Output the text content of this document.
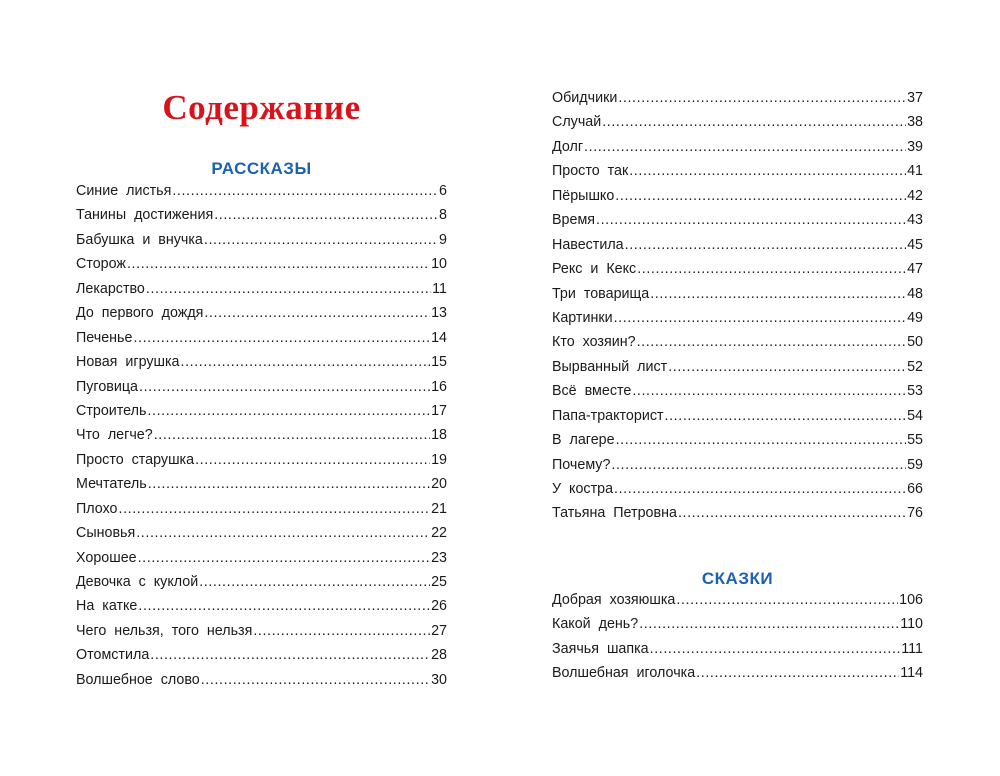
Содержание
РАССКАЗЫ
Синие листья .....	6
Танины достижения .....	8
Бабушка и внучка .....	9
Сторож .....	10
Лекарство .....	11
До первого дождя .....	13
Печенье .....	14
Новая игрушка .....	15
Пуговица .....	16
Строитель .....	17
Что легче? .....	18
Просто старушка .....	19
Мечтатель .....	20
Плохо .....	21
Сыновья .....	22
Хорошее .....	23
Девочка с куклой .....	25
На катке .....	26
Чего нельзя, того нельзя .....	27
Отомстила .....	28
Волшебное слово .....	30
Обидчики .....	37
Случай .....	38
Долг .....	39
Просто так .....	41
Пёрышко .....	42
Время .....	43
Навестила .....	45
Рекс и Кекс .....	47
Три товарища .....	48
Картинки .....	49
Кто хозяин? .....	50
Вырванный лист .....	52
Всё вместе .....	53
Папа-тракторист .....	54
В лагере .....	55
Почему? .....	59
У костра .....	66
Татьяна Петровна .....	76
СКАЗКИ
Добрая хозяюшка .....	106
Какой день? .....	110
Заячья шапка .....	111
Волшебная иголочка .....	114
